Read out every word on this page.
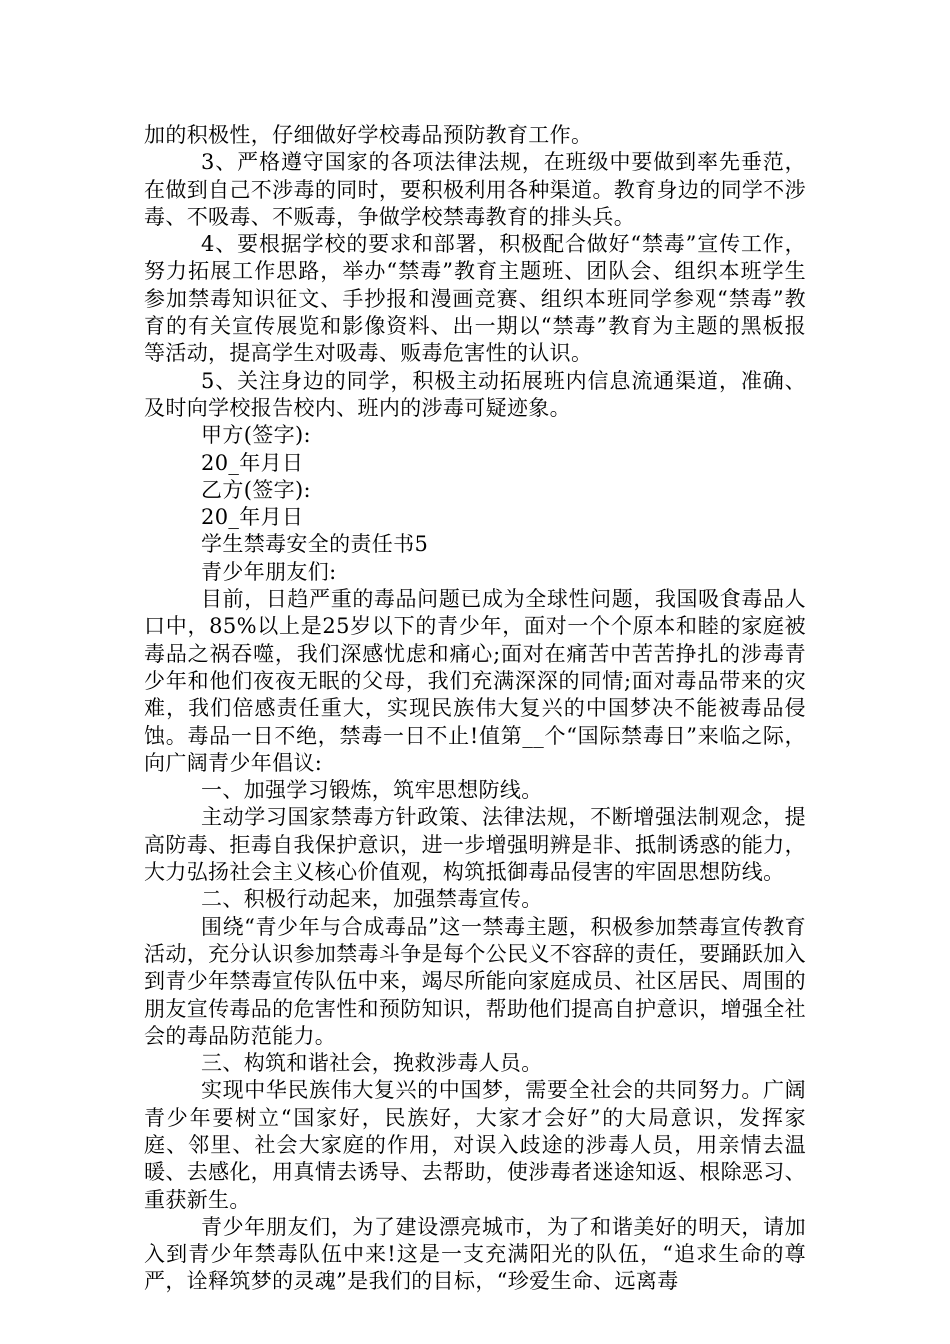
加的积极性，仔细做好学校毒品预防教育工作。

3、严格遵守国家的各项法律法规，在班级中要做到率先垂范，在做到自己不涉毒的同时，要积极利用各种渠道。教育身边的同学不涉毒、不吸毒、不贩毒，争做学校禁毒教育的排头兵。

4、要根据学校的要求和部署，积极配合做好“禁毒”宣传工作，努力拓展工作思路，举办“禁毒”教育主题班、团队会、组织本班学生参加禁毒知识征文、手抄报和漫画竞赛、组织本班同学参观“禁毒”教育的有关宣传展览和影像资料、出一期以“禁毒”教育为主题的黑板报等活动，提高学生对吸毒、贩毒危害性的认识。

5、关注身边的同学，积极主动拓展班内信息流通渠道，准确、及时向学校报告校内、班内的涉毒可疑迹象。

甲方(签字):

20_年月日

乙方(签字):

20_年月日

学生禁毒安全的责任书5

青少年朋友们:

目前，日趋严重的毒品问题已成为全球性问题，我国吸食毒品人口中，85%以上是25岁以下的青少年，面对一个个原本和睦的家庭被毒品之祸吞噬，我们深感忧虑和痛心;面对在痛苦中苦苦挣扎的涉毒青少年和他们夜夜无眠的父母，我们充满深深的同情;面对毒品带来的灾难，我们倍感责任重大，实现民族伟大复兴的中国梦决不能被毒品侵蚀。毒品一日不绝，禁毒一日不止!值第__个“国际禁毒日”来临之际，向广阔青少年倡议:

一、加强学习锻炼，筑牢思想防线。

主动学习国家禁毒方针政策、法律法规，不断增强法制观念，提高防毒、拒毒自我保护意识，进一步增强明辨是非、抵制诱惑的能力，大力弘扬社会主义核心价值观，构筑抵御毒品侵害的牢固思想防线。

二、积极行动起来，加强禁毒宣传。

围绕“青少年与合成毒品”这一禁毒主题，积极参加禁毒宣传教育活动，充分认识参加禁毒斗争是每个公民义不容辞的责任，要踊跃加入到青少年禁毒宣传队伍中来，竭尽所能向家庭成员、社区居民、周围的朋友宣传毒品的危害性和预防知识，帮助他们提高自护意识，增强全社会的毒品防范能力。

三、构筑和谐社会，挽救涉毒人员。

实现中华民族伟大复兴的中国梦，需要全社会的共同努力。广阔青少年要树立“国家好，民族好，大家才会好”的大局意识，发挥家庭、邻里、社会大家庭的作用，对误入歧途的涉毒人员，用亲情去温暖、去感化，用真情去诱导、去帮助，使涉毒者迷途知返、根除恶习、重获新生。

青少年朋友们，为了建设漂亮城市，为了和谐美好的明天，请加入到青少年禁毒队伍中来!这是一支充满阳光的队伍，“追求生命的尊严，诠释筑梦的灵魂”是我们的目标，“珍爱生命、远离毒
